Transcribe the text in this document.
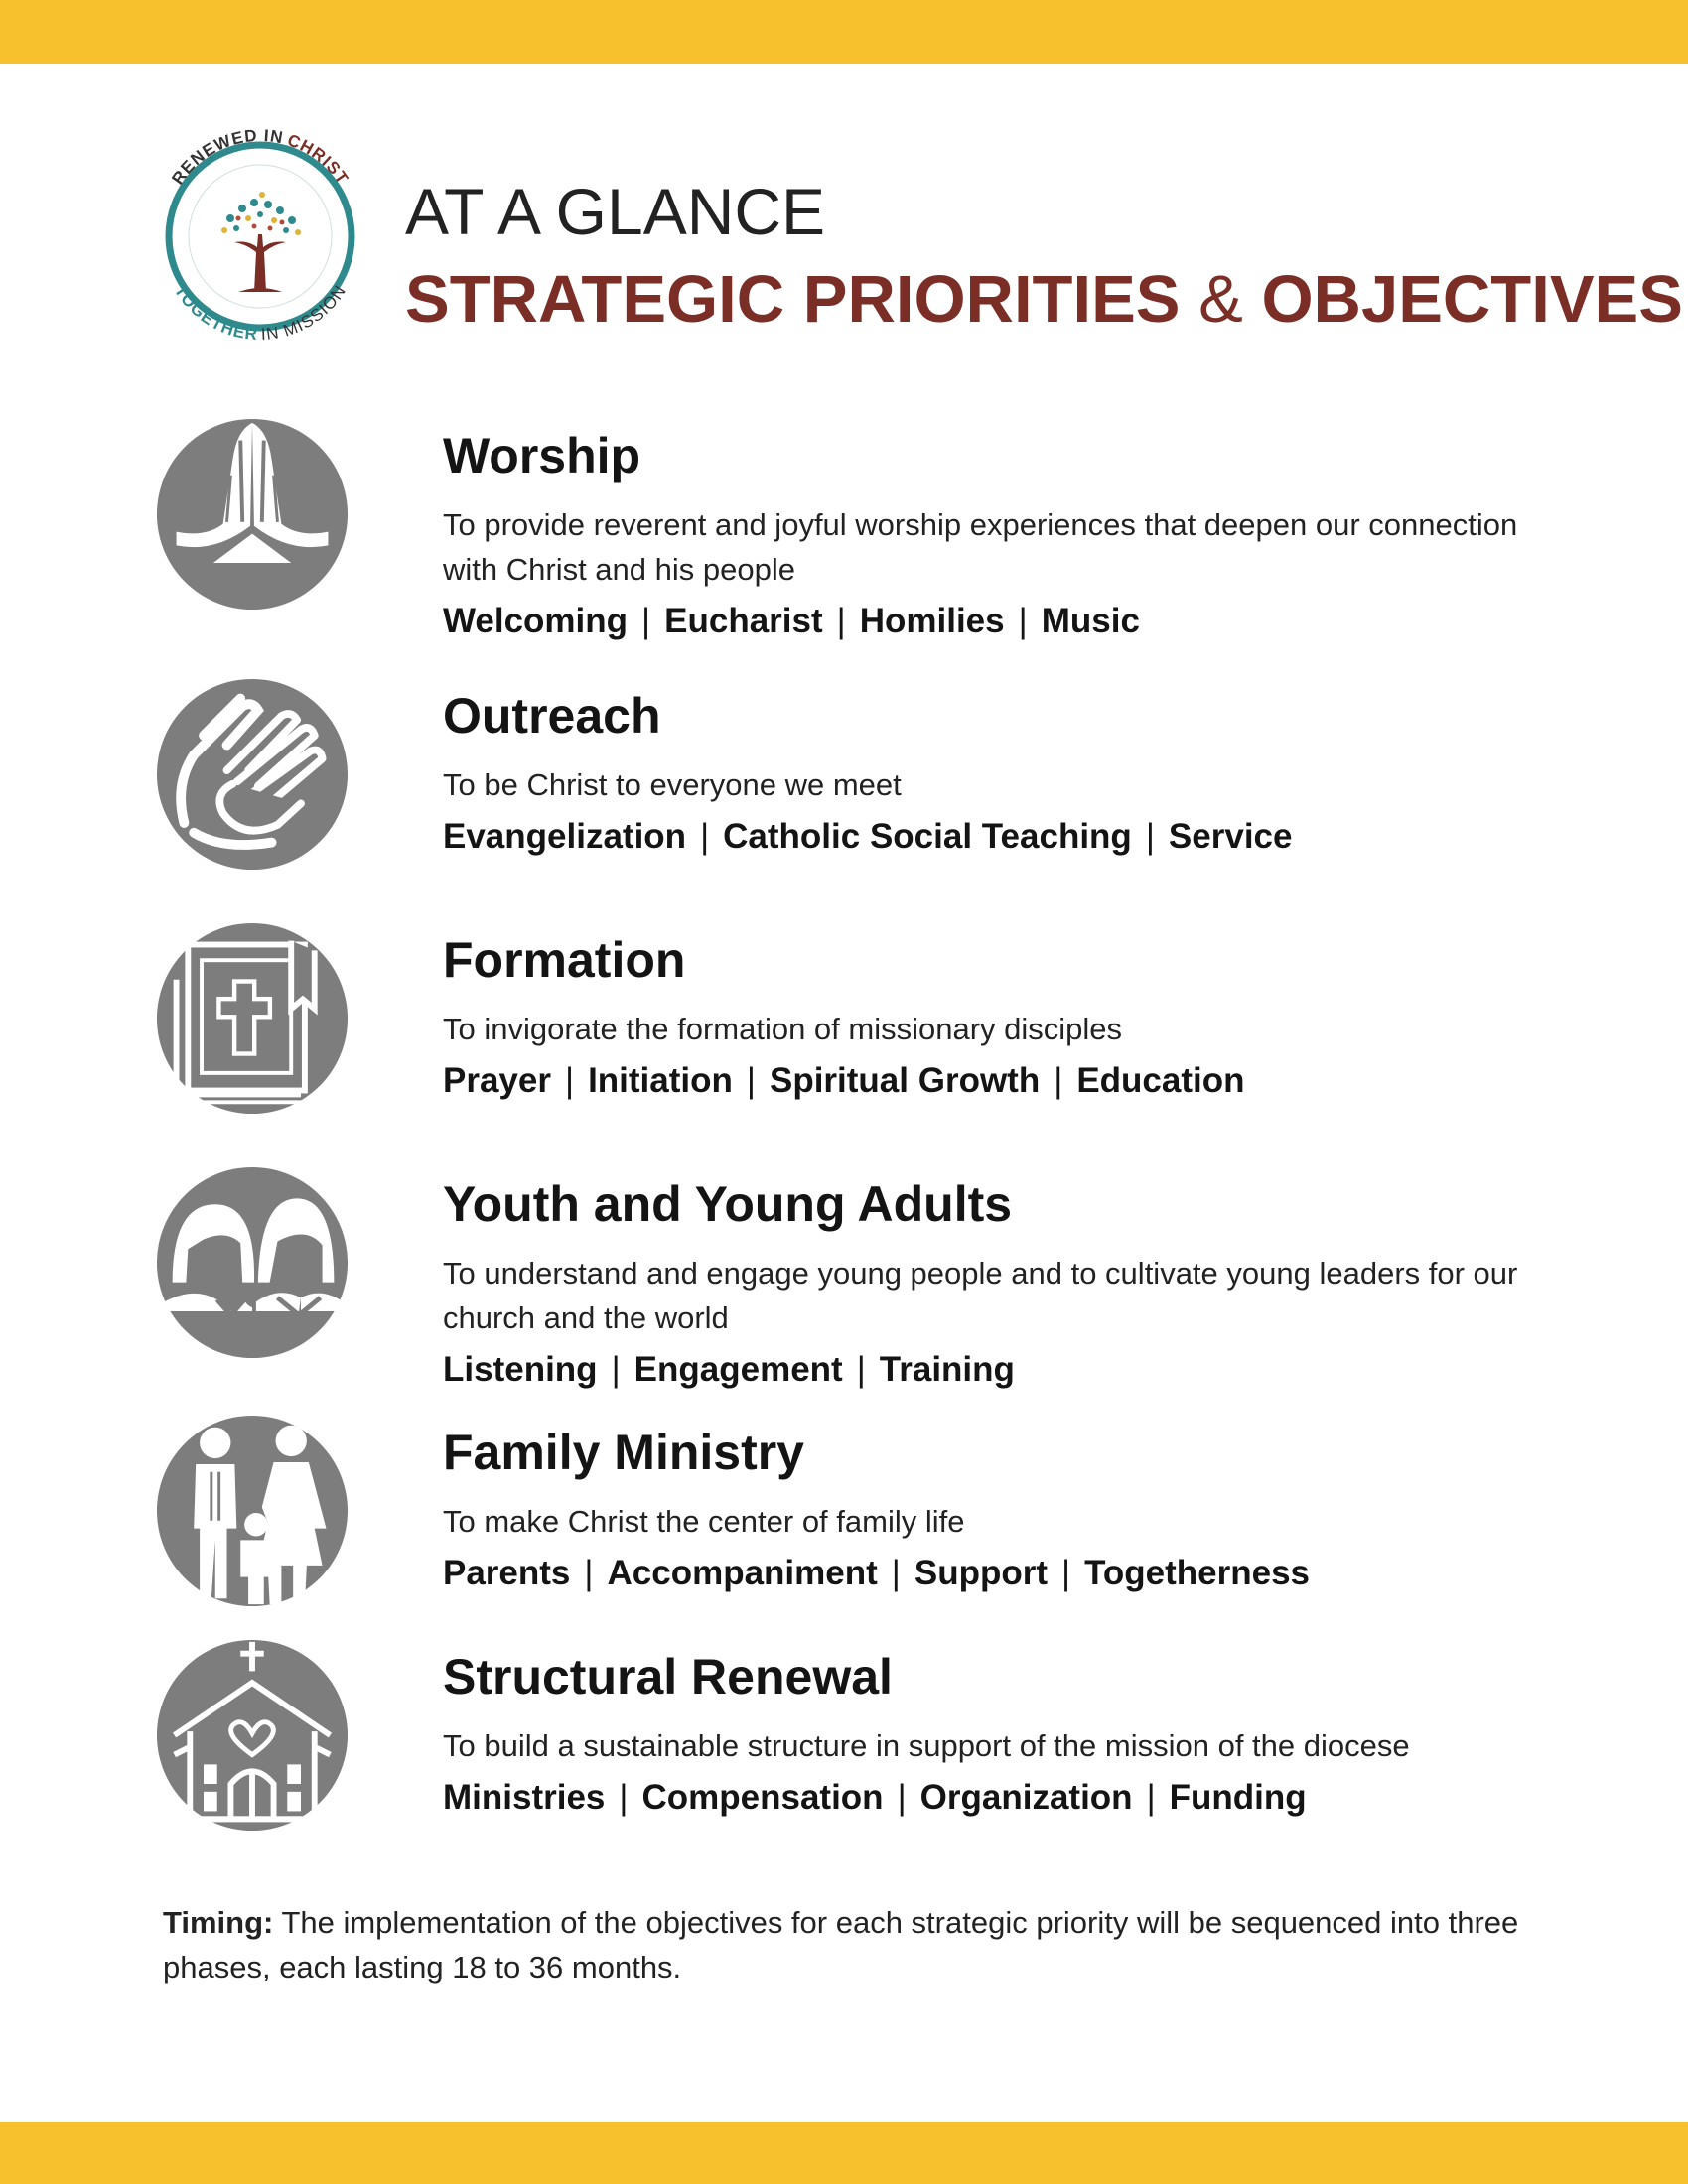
RENEWED INCHRIST
TOGETHER IN MISSION
RENOVADOS EN CRISTO | CANH TÂN TRONG ĐỨC KITÔ
UNIDOS EN LA MISIÓN | ĐỒNG TÂM TRONG SỨ MẠNG
AT A GLANCE
STRATEGIC PRIORITIES & OBJECTIVES
Worship
To provide reverent and joyful worship experiences that deepen our connection with Christ and his people
Welcoming | Eucharist | Homilies | Music
Outreach
To be Christ to everyone we meet
Evangelization | Catholic Social Teaching | Service
Formation
To invigorate the formation of missionary disciples
Prayer | Initiation | Spiritual Growth | Education
Youth and Young Adults
To understand and engage young people and to cultivate young leaders for our church and the world
Listening | Engagement | Training
Family Ministry
To make Christ the center of family life
Parents | Accompaniment | Support | Togetherness
Structural Renewal
To build a sustainable structure in support of the mission of the diocese
Ministries | Compensation | Organization | Funding
Timing: The implementation of the objectives for each strategic priority will be sequenced into three phases, each lasting 18 to 36 months.
